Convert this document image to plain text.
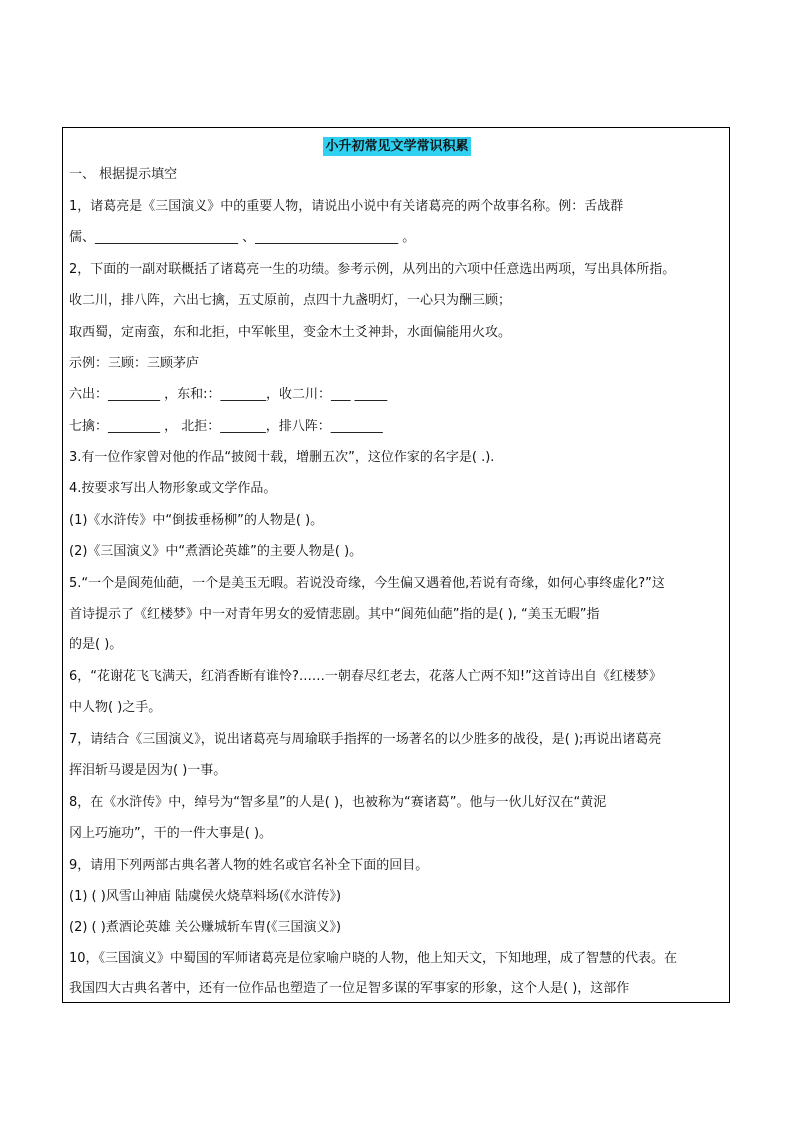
小升初常见文学常识积累
一、 根据提示填空
1，诸葛亮是《三国演义》中的重要人物，请说出小说中有关诸葛亮的两个故事名称。例：舌战群
儒、______________________ 、______________________ 。
2，下面的一副对联概括了诸葛亮一生的功绩。参考示例，从列出的六项中任意选出两项，写出具体所指。
收二川，排八阵，六出七擒，五丈原前，点四十九盏明灯，一心只为酬三顾；
取西蜀，定南蛮，东和北拒，中军帐里，变金木土爻神卦，水面偏能用火攻。
示例：三顾：三顾茅庐
六出：________ ，东和:：_______，收二川：___ _____
七擒：________ ， 北拒：_______，排八阵：________
3.有一位作家曾对他的作品“披阅十载，增删五次”，这位作家的名字是( .).
4.按要求写出人物形象或文学作品。
(1)《水浒传》中“倒拔垂杨柳”的人物是( )。
(2)《三国演义》中“煮酒论英雄”的主要人物是( )。
5.“一个是阆苑仙葩，一个是美玉无暇。若说没奇缘，今生偏又遇着他,若说有奇缘，如何心事终虚化?”这
首诗提示了《红楼梦》中一对青年男女的爱情悲剧。其中“阆苑仙葩”指的是( ), “美玉无暇”指
的是( )。
6，“花谢花飞飞满天，红消香断有谁怜?……一朝春尽红老去，花落人亡两不知!”这首诗出自《红楼梦》
中人物( )之手。
7，请结合《三国演义》，说出诸葛亮与周瑜联手指挥的一场著名的以少胜多的战役，是( );再说出诸葛亮
挥泪斩马谡是因为( )一事。
8，在《水浒传》中，绰号为“智多星”的人是( )，也被称为“赛诸葛”。他与一伙儿好汉在“黄泥
冈上巧施功”，干的一件大事是( )。
9，请用下列两部古典名著人物的姓名或官名补全下面的回目。
(1) ( )风雪山神庙 陆虞侯火烧草料场(《水浒传》)
(2) ( )煮酒论英雄 关公赚城斩车胄(《三国演义》)
10，《三国演义》中蜀国的军师诸葛亮是位家喻户晓的人物，他上知天文，下知地理，成了智慧的代表。在
我国四大古典名著中，还有一位作品也塑造了一位足智多谋的军事家的形象，这个人是( )，这部作
